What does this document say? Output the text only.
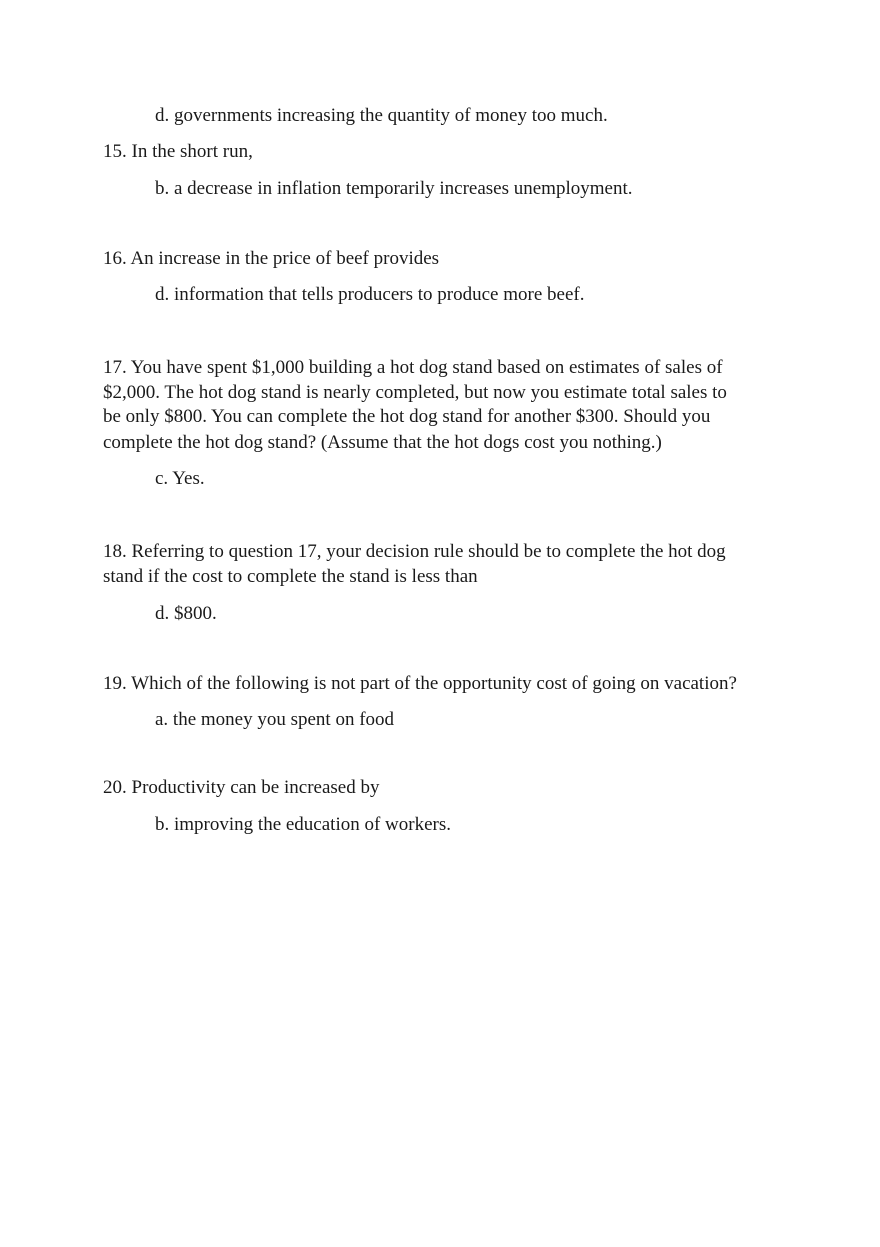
d. governments increasing the quantity of money too much.
15. In the short run,
b. a decrease in inflation temporarily increases unemployment.
16. An increase in the price of beef provides
d. information that tells producers to produce more beef.
17. You have spent $1,000 building a hot dog stand based on estimates of sales of
$2,000. The hot dog stand is nearly completed, but now you estimate total sales to
be only $800. You can complete the hot dog stand for another $300. Should you
complete the hot dog stand? (Assume that the hot dogs cost you nothing.)
c. Yes.
18. Referring to question 17, your decision rule should be to complete the hot dog
stand if the cost to complete the stand is less than
d. $800.
19. Which of the following is not part of the opportunity cost of going on vacation?
a. the money you spent on food
20. Productivity can be increased by
b. improving the education of workers.
